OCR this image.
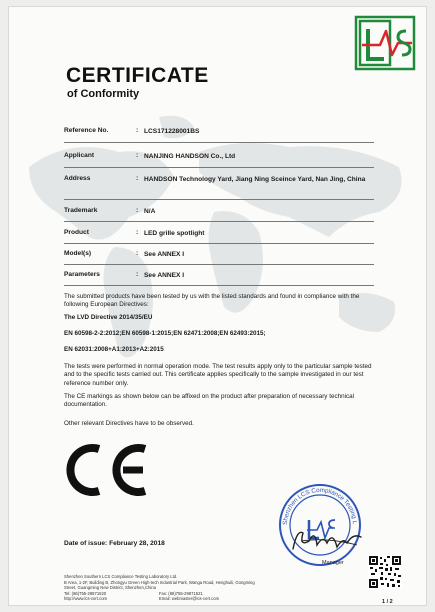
CERTIFICATE
of Conformity
Reference No.	: LCS171228001BS
Applicant	: NANJING HANDSON Co., Ltd
Address	: HANDSON Technology Yard, Jiang Ning Sceince Yard, Nan Jing, China
Trademark	: N/A
Product	: LED grille spotlight
Model(s)	: See ANNEX I
Parameters	: See ANNEX I
The submitted products have been tested by us with the listed standards and found in compliance with the following European Directives:
The LVD Directive 2014/35/EU
EN 60598-2-2:2012;EN 60598-1:2015;EN 62471:2008;EN 62493:2015;
EN 62031:2008+A1:2013+A2:2015
The tests were performed in normal operation mode. The test results apply only to the particular sample tested and to the specific tests carried out. This certificate applies specifically to the sample investigated in our test reference number only.
The CE markings as shown below can be affixed on the product after preparation of necessary technical documentation.
Other relevant Directives have to be observed.
Shenzhen LCS Compliance Testing L
Manager
Date of issue: February 28, 2018
Shenzhen Southern LCS Compliance Testing Laboratory Ltd.
B Area, 1-2F, Building B, Zhongyu Green High-tech Industrial Park, Wanga Road, Henghuili, Gongming
Street, Guangming New District, Shenzhen,China
Tel: (86)755-29871520	Fax: (86)755-29871521
http://www.lcs-cert.com	Email: webmaster@lcs-cert.com
1 / 2
